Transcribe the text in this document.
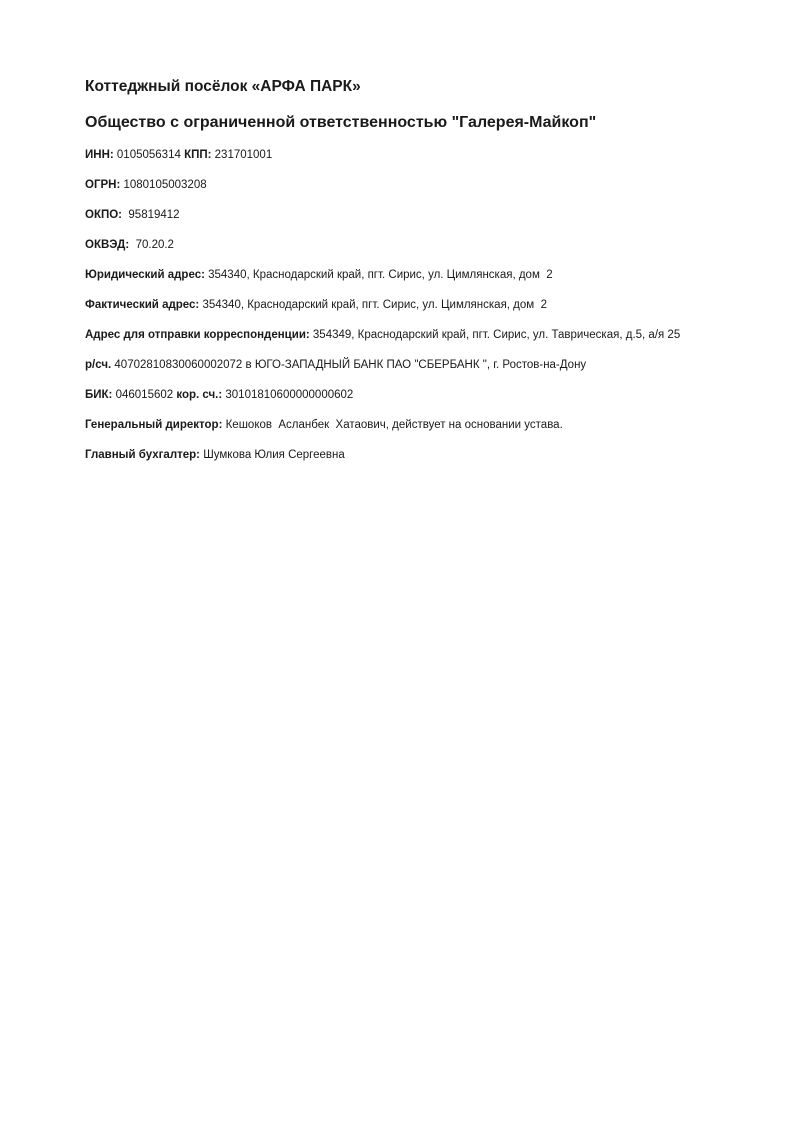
Коттеджный посёлок «АРФА ПАРК»
Общество с ограниченной ответственностью "Галерея-Майкоп"
ИНН: 0105056314 КПП: 231701001
ОГРН: 1080105003208
ОКПО:  95819412
ОКВЭД:  70.20.2
Юридический адрес: 354340, Краснодарский край, пгт. Сирис, ул. Цимлянская, дом  2
Фактический адрес: 354340, Краснодарский край, пгт. Сирис, ул. Цимлянская, дом  2
Адрес для отправки корреспонденции: 354349, Краснодарский край, пгт. Сирис, ул. Таврическая, д.5, а/я 25
р/сч. 40702810830060002072 в ЮГО-ЗАПАДНЫЙ БАНК ПАО "СБЕРБАНК ", г. Ростов-на-Дону
БИК: 046015602 кор. сч.: 30101810600000000602
Генеральный директор: Кешоков  Асланбек  Хатаович, действует на основании устава.
Главный бухгалтер: Шумкова Юлия Сергеевна
